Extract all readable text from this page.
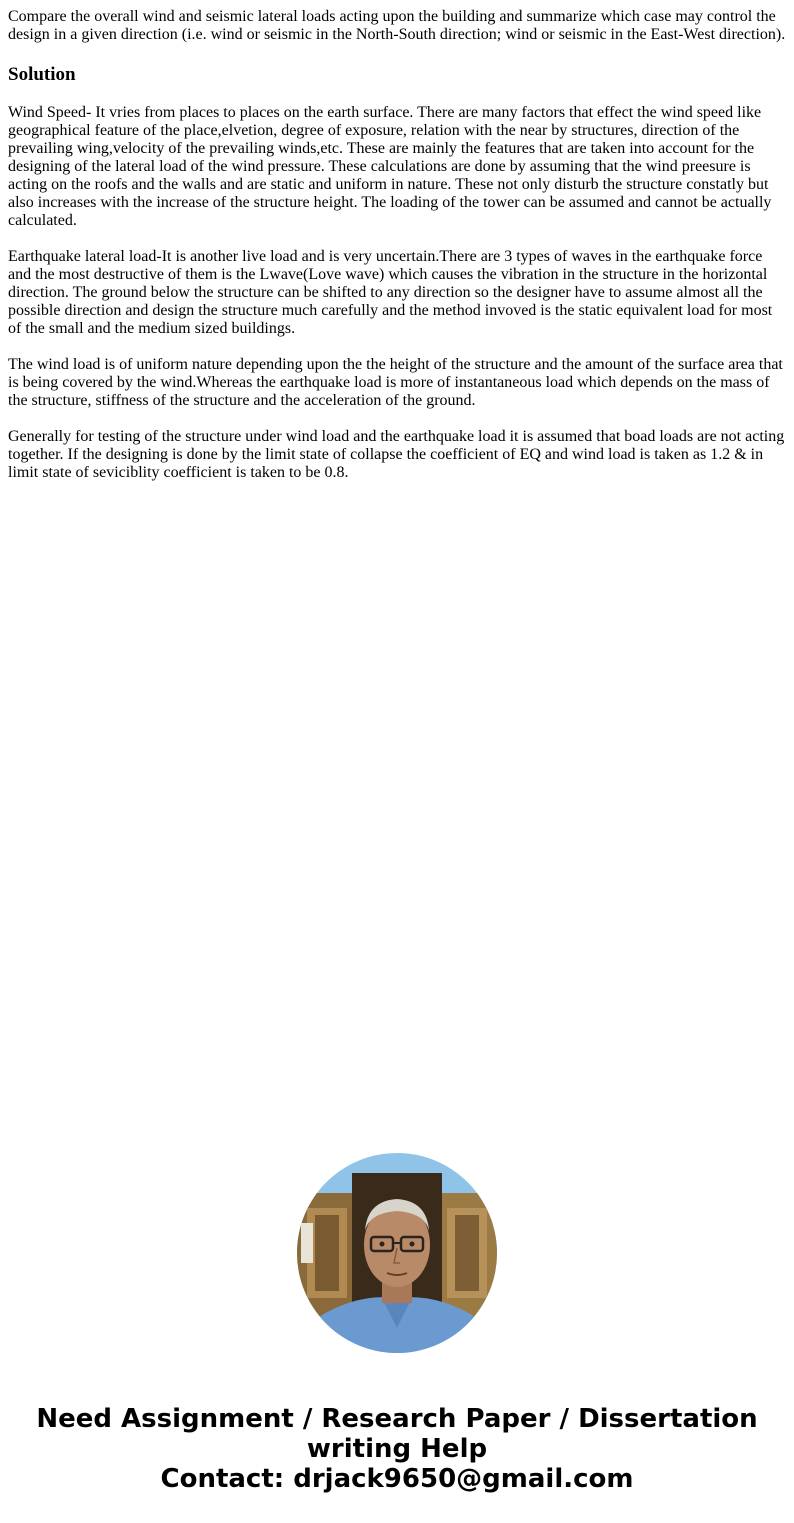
Compare the overall wind and seismic lateral loads acting upon the building and summarize which case may control the design in a given direction (i.e. wind or seismic in the North-South direction; wind or seismic in the East-West direction).

Solution

Wind Speed- It vries from places to places on the earth surface. There are many factors that effect the wind speed like geographical feature of the place,elvetion, degree of exposure, relation with the near by structures, direction of the prevailing wing,velocity of the prevailing winds,etc. These are mainly the features that are taken into account for the designing of the lateral load of the wind pressure. These calculations are done by assuming that the wind preesure is acting on the roofs and the walls and are static and uniform in nature. These not only disturb the structure constatly but also increases with the increase of the structure height. The loading of the tower can be assumed and cannot be actually calculated.

Earthquake lateral load-It is another live load and is very uncertain.There are 3 types of waves in the earthquake force and the most destructive of them is the Lwave(Love wave) which causes the vibration in the structure in the horizontal direction. The ground below the structure can be shifted to any direction so the designer have to assume almost all the possible direction and design the structure much carefully and the method invoved is the static equivalent load for most of the small and the medium sized buildings.

The wind load is of uniform nature depending upon the the height of the structure and the amount of the surface area that is being covered by the wind.Whereas the earthquake load is more of instantaneous load which depends on the mass of the structure, stiffness of the structure and the acceleration of the ground.

Generally for testing of the structure under wind load and the earthquake load it is assumed that boad loads are not acting together. If the designing is done by the limit state of collapse the coefficient of EQ and wind load is taken as 1.2 & in limit state of seviciblity coefficient is taken to be 0.8.

Need Assignment / Research Paper / Dissertation
writing Help
Contact: drjack9650@gmail.com
